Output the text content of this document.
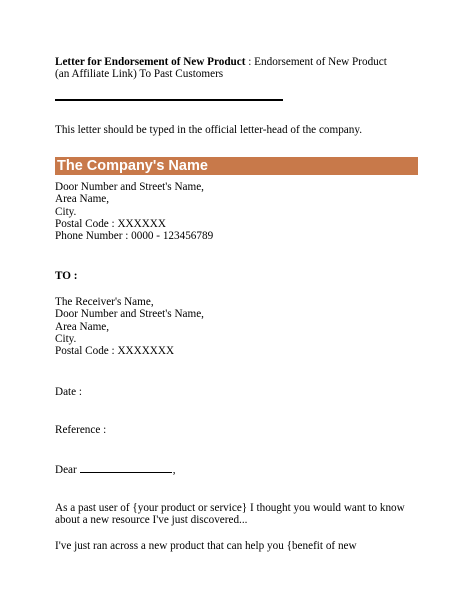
Letter for Endorsement of New Product : Endorsement of New Product
(an Affiliate Link) To Past Customers
This letter should be typed in the official letter-head of the company.
The Company's Name
Door Number and Street's Name,
Area Name,
City.
Postal Code : XXXXXX
Phone Number : 0000 - 123456789
TO :
The Receiver's Name,
Door Number and Street's Name,
Area Name,
City.
Postal Code : XXXXXXX
Date :
Reference :
Dear	,
As a past user of {your product or service} I thought you would want to know
about a new resource I've just discovered...
I've just ran across a new product that can help you {benefit of new
